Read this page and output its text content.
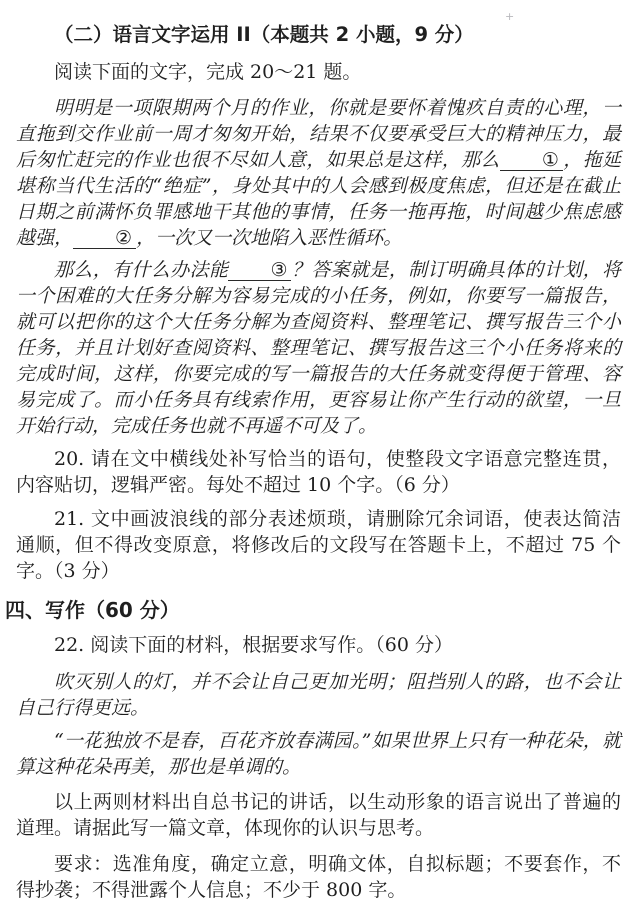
+
（二）语言文字运用 II（本题共 2 小题，9 分）

阅读下面的文字，完成 20～21 题。

明明是一项限期两个月的作业，你就是要怀着愧疚自责的心理，一直拖到交作业前一周才匆匆开始，结果不仅要承受巨大的精神压力，最后匆忙赶完的作业也很不尽如人意，如果总是这样，那么 ① ，拖延堪称当代生活的“绝症”，身处其中的人会感到极度焦虑，但还是在截止日期之前满怀负罪感地干其他的事情，任务一拖再拖，时间越少焦虑感越强， ② ，一次又一次地陷入恶性循环。

那么，有什么办法能 ③ ？答案就是，制订明确具体的计划，将一个困难的大任务分解为容易完成的小任务，例如，你要写一篇报告，就可以把你的这个大任务分解为查阅资料、整理笔记、撰写报告三个小任务，并且计划好查阅资料、整理笔记、撰写报告这三个小任务将来的完成时间，这样，你要完成的写一篇报告的大任务就变得便于管理、容易完成了。而小任务具有线索作用，更容易让你产生行动的欲望，一旦开始行动，完成任务也就不再遥不可及了。

20. 请在文中横线处补写恰当的语句，使整段文字语意完整连贯，内容贴切，逻辑严密。每处不超过 10 个字。（6 分）

21. 文中画波浪线的部分表述烦琐，请删除冗余词语，使表达简洁通顺，但不得改变原意，将修改后的文段写在答题卡上，不超过 75 个字。（3 分）

四、写作（60 分）

22. 阅读下面的材料，根据要求写作。（60 分）

吹灭别人的灯，并不会让自己更加光明；阻挡别人的路，也不会让自己行得更远。

“一花独放不是春，百花齐放春满园。”如果世界上只有一种花朵，就算这种花朵再美，那也是单调的。

以上两则材料出自总书记的讲话，以生动形象的语言说出了普遍的道理。请据此写一篇文章，体现你的认识与思考。

要求：选准角度，确定立意，明确文体，自拟标题；不要套作，不得抄袭；不得泄露个人信息；不少于 800 字。
